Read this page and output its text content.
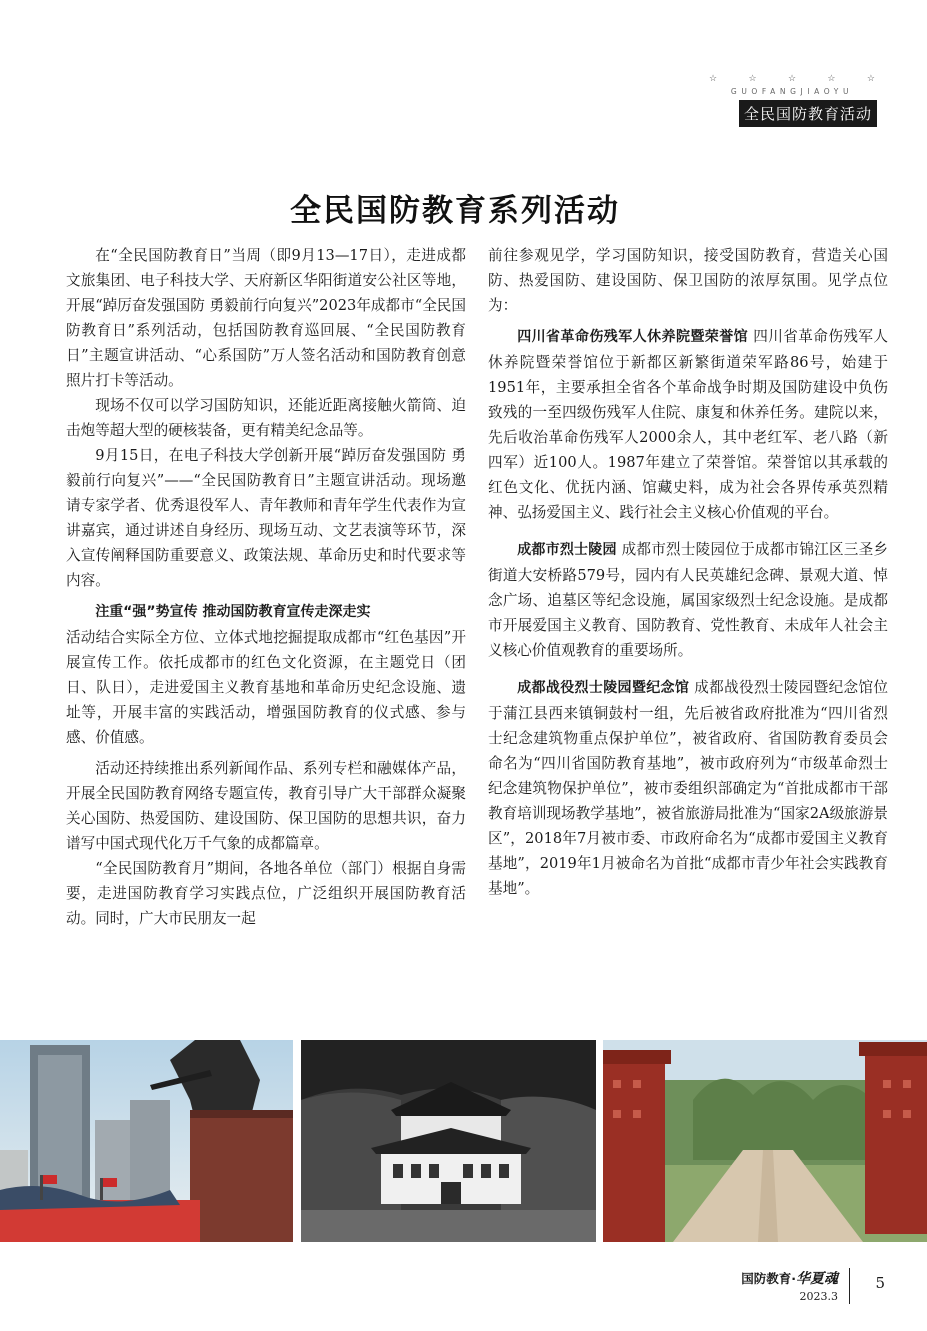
☆	☆	☆	☆	☆
GUOFANGJIAOYU
全民国防教育活动
全民国防教育系列活动

在“全民国防教育日”当周（即9月13—17日），走进成都文旅集团、电子科技大学、天府新区华阳街道安公社区等地，开展“踔厉奋发强国防 勇毅前行向复兴”2023年成都市“全民国防教育日”系列活动，包括国防教育巡回展、“全民国防教育日”主题宣讲活动、“心系国防”万人签名活动和国防教育创意照片打卡等活动。

现场不仅可以学习国防知识，还能近距离接触火箭筒、迫击炮等超大型的硬核装备，更有精美纪念品等。

9月15日，在电子科技大学创新开展“踔厉奋发强国防 勇毅前行向复兴”——“全民国防教育日”主题宣讲活动。现场邀请专家学者、优秀退役军人、青年教师和青年学生代表作为宣讲嘉宾，通过讲述自身经历、现场互动、文艺表演等环节，深入宣传阐释国防重要意义、政策法规、革命历史和时代要求等内容。

注重“强”势宣传 推动国防教育宣传走深走实

活动结合实际全方位、立体式地挖掘提取成都市“红色基因”开展宣传工作。依托成都市的红色文化资源，在主题党日（团日、队日），走进爱国主义教育基地和革命历史纪念设施、遗址等，开展丰富的实践活动，增强国防教育的仪式感、参与感、价值感。

活动还持续推出系列新闻作品、系列专栏和融媒体产品，开展全民国防教育网络专题宣传，教育引导广大干部群众凝聚关心国防、热爱国防、建设国防、保卫国防的思想共识，奋力谱写中国式现代化万千气象的成都篇章。

“全民国防教育月”期间，各地各单位（部门）根据自身需要，走进国防教育学习实践点位，广泛组织开展国防教育活动。同时，广大市民朋友一起

前往参观见学，学习国防知识，接受国防教育，营造关心国防、热爱国防、建设国防、保卫国防的浓厚氛围。见学点位为：

四川省革命伤残军人休养院暨荣誉馆 四川省革命伤残军人休养院暨荣誉馆位于新都区新繁街道荣军路86号，始建于1951年，主要承担全省各个革命战争时期及国防建设中负伤致残的一至四级伤残军人住院、康复和休养任务。建院以来，先后收治革命伤残军人2000余人，其中老红军、老八路（新四军）近100人。1987年建立了荣誉馆。荣誉馆以其承载的红色文化、优抚内涵、馆藏史料，成为社会各界传承英烈精神、弘扬爱国主义、践行社会主义核心价值观的平台。

成都市烈士陵园 成都市烈士陵园位于成都市锦江区三圣乡街道大安桥路579号，园内有人民英雄纪念碑、景观大道、悼念广场、追墓区等纪念设施，属国家级烈士纪念设施。是成都市开展爱国主义教育、国防教育、党性教育、未成年人社会主义核心价值观教育的重要场所。

成都战役烈士陵园暨纪念馆 成都战役烈士陵园暨纪念馆位于蒲江县西来镇铜鼓村一组，先后被省政府批准为“四川省烈士纪念建筑物重点保护单位”，被省政府、省国防教育委员会命名为“四川省国防教育基地”，被市政府列为“市级革命烈士纪念建筑物保护单位”，被市委组织部确定为“首批成都市干部教育培训现场教学基地”，被省旅游局批准为“国家2A级旅游景区”，2018年7月被市委、市政府命名为“成都市爱国主义教育基地”，2019年1月被命名为首批“成都市青少年社会实践教育基地”。

国防教育·华夏魂
2023.3
5
